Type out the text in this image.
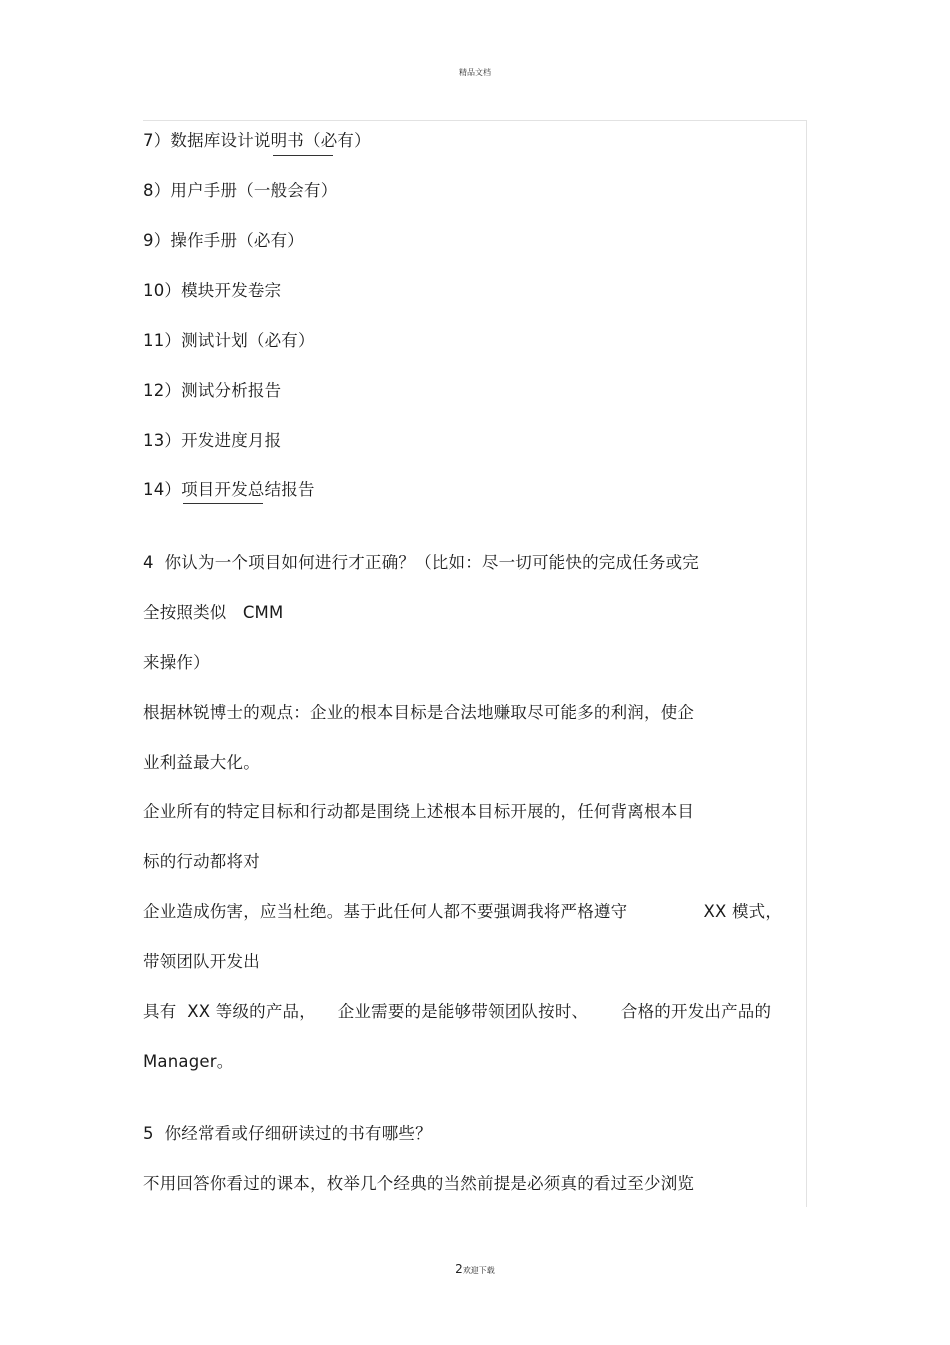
精品文档
7）数据库设计说明书（必有）
8）用户手册（一般会有）
9）操作手册（必有）
10）模块开发卷宗
11）测试计划（必有）
12）测试分析报告
13）开发进度月报
14）项目开发总结报告
4  你认为一个项目如何进行才正确？（比如：尽一切可能快的完成任务或完
全按照类似   CMM
来操作）
根据林锐博士的观点：企业的根本目标是合法地赚取尽可能多的利润，使企
业利益最大化。
企业所有的特定目标和行动都是围绕上述根本目标开展的，任何背离根本目
标的行动都将对
企业造成伤害，应当杜绝。基于此任何人都不要强调我将严格遵守              XX 模式，
带领团队开发出
具有  XX 等级的产品，    企业需要的是能够带领团队按时、      合格的开发出产品的
Manager。
5  你经常看或仔细研读过的书有哪些？
不用回答你看过的课本，枚举几个经典的当然前提是必须真的看过至少浏览
2欢迎下载
